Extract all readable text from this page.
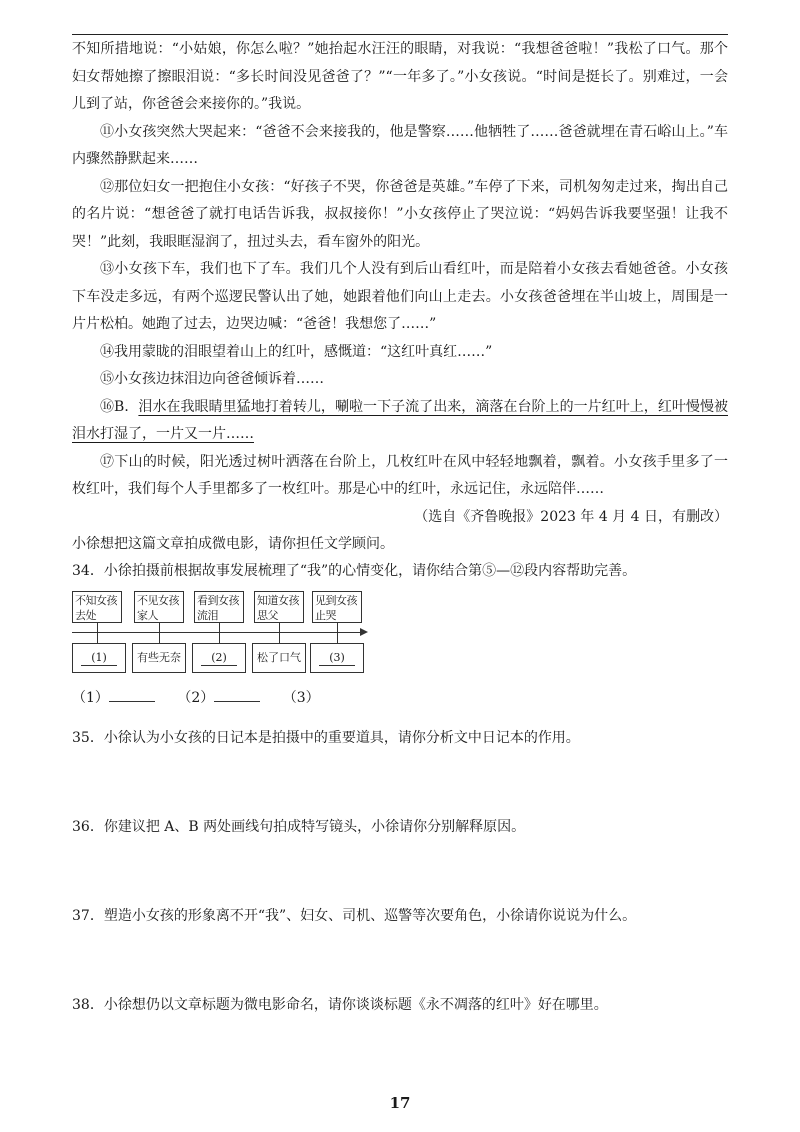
不知所措地说：“小姑娘，你怎么啦？”她抬起水汪汪的眼睛，对我说：“我想爸爸啦！”我松了口气。那个妇女帮她擦了擦眼泪说：“多长时间没见爸爸了？”“一年多了。”小女孩说。“时间是挺长了。别难过，一会儿到了站，你爸爸会来接你的。”我说。

⑪小女孩突然大哭起来：“爸爸不会来接我的，他是警察……他牺牲了……爸爸就埋在青石峪山上。”车内骤然静默起来……

⑫那位妇女一把抱住小女孩：“好孩子不哭，你爸爸是英雄。”车停了下来，司机匆匆走过来，掏出自己的名片说：“想爸爸了就打电话告诉我，叔叔接你！”小女孩停止了哭泣说：“妈妈告诉我要坚强！让我不哭！”此刻，我眼眶湿润了，扭过头去，看车窗外的阳光。

⑬小女孩下车，我们也下了车。我们几个人没有到后山看红叶，而是陪着小女孩去看她爸爸。小女孩下车没走多远，有两个巡逻民警认出了她，她跟着他们向山上走去。小女孩爸爸埋在半山坡上，周围是一片片松柏。她跑了过去，边哭边喊：“爸爸！我想您了……”

⑭我用蒙眬的泪眼望着山上的红叶，感慨道：“这红叶真红……”

⑮小女孩边抹泪边向爸爸倾诉着……

⑯B．泪水在我眼睛里猛地打着转儿，唰啦一下子流了出来，滴落在台阶上的一片红叶上，红叶慢慢被泪水打湿了，一片又一片……

⑰下山的时候，阳光透过树叶洒落在台阶上，几枚红叶在风中轻轻地飘着，飘着。小女孩手里多了一枚红叶，我们每个人手里都多了一枚红叶。那是心中的红叶，永远记住，永远陪伴……

（选自《齐鲁晚报》2023 年 4 月 4 日，有删改）

小徐想把这篇文章拍成微电影，请你担任文学顾问。

34．小徐拍摄前根据故事发展梳理了“我”的心情变化，请你结合第⑤—⑫段内容帮助完善。

不知女孩去处
不见女孩家人
看到女孩流泪
知道女孩思父
见到女孩止哭
(1)	有些无奈	(2)	松了口气	(3)

（1）	（2）	（3）

35．小徐认为小女孩的日记本是拍摄中的重要道具，请你分析文中日记本的作用。

36．你建议把 A、B 两处画线句拍成特写镜头，小徐请你分别解释原因。

37．塑造小女孩的形象离不开“我”、妇女、司机、巡警等次要角色，小徐请你说说为什么。

38．小徐想仍以文章标题为微电影命名，请你谈谈标题《永不凋落的红叶》好在哪里。

17
